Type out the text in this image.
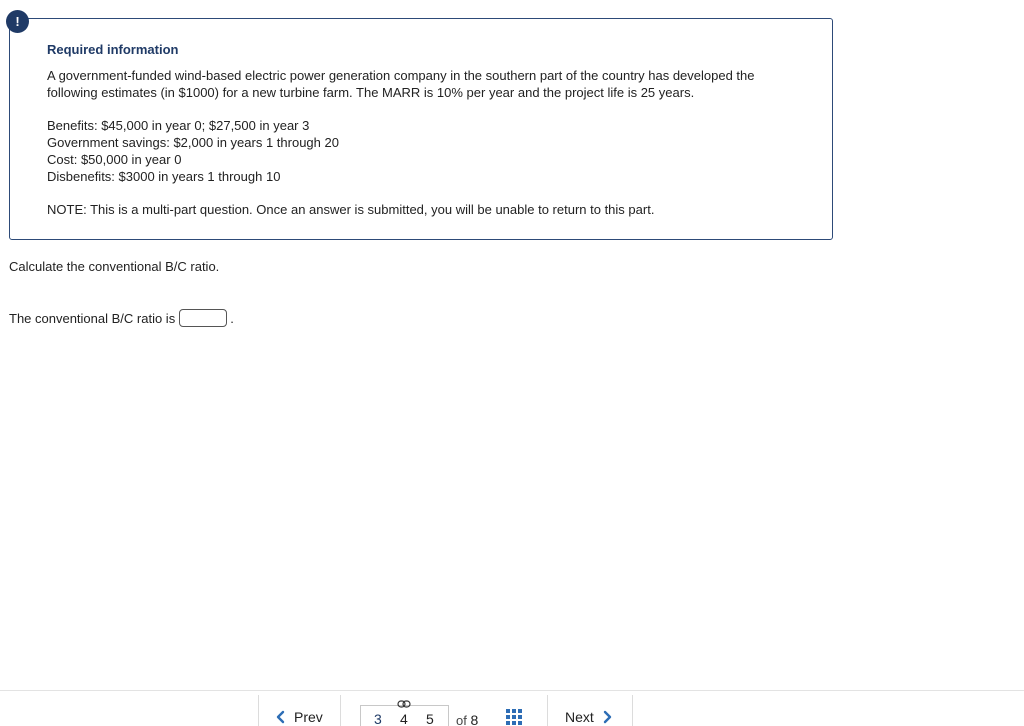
Required information
A government-funded wind-based electric power generation company in the southern part of the country has developed the following estimates (in $1000) for a new turbine farm. The MARR is 10% per year and the project life is 25 years.
Benefits: $45,000 in year 0; $27,500 in year 3
Government savings: $2,000 in years 1 through 20
Cost: $50,000 in year 0
Disbenefits: $3000 in years 1 through 10
NOTE: This is a multi-part question. Once an answer is submitted, you will be unable to return to this part.
!
Calculate the conventional B/C ratio.
The conventional B/C ratio is	.
Prev	3 4 5 of 8	Next
